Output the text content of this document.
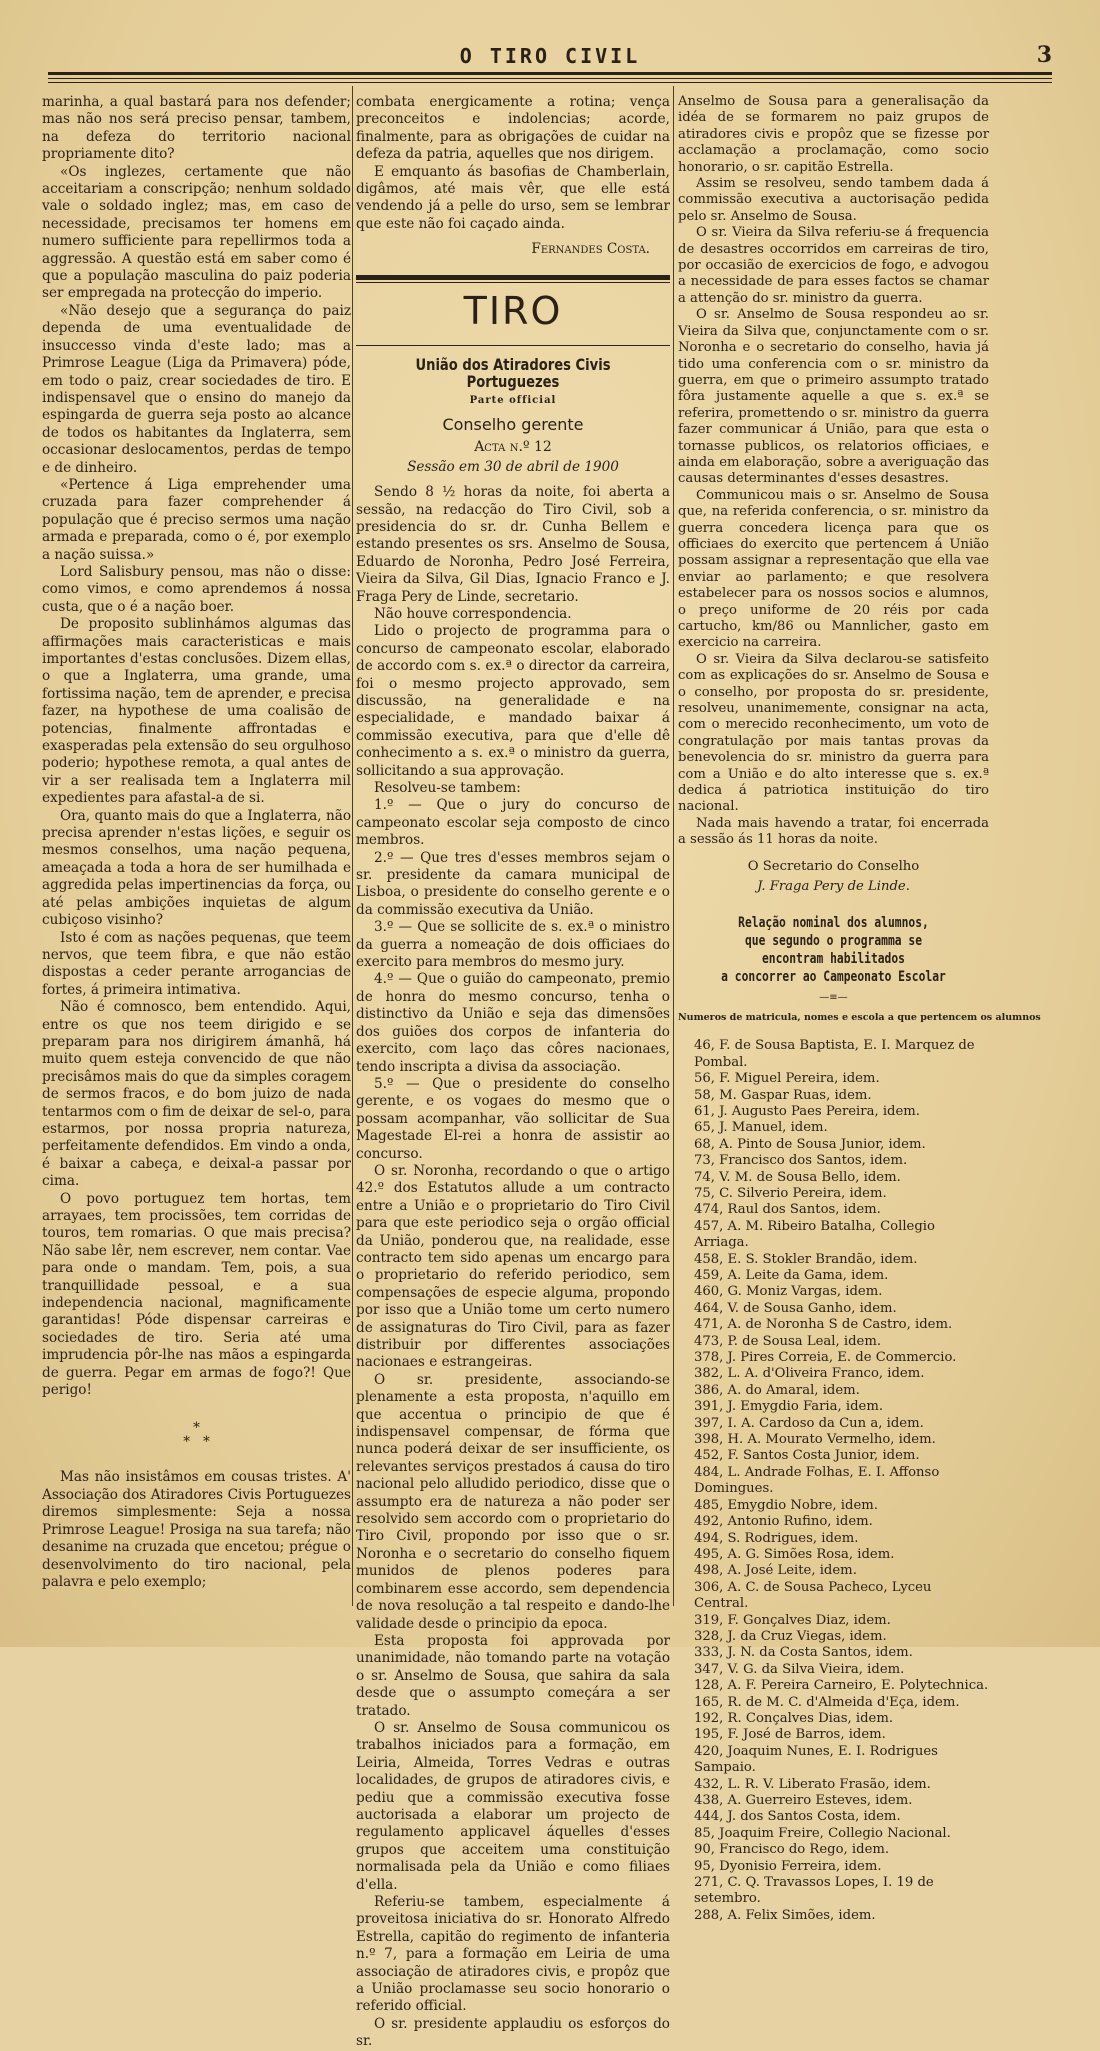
O TIRO CIVIL	3

marinha, a qual bastará para nos defender; mas não nos será preciso pensar, tambem, na defeza do territorio nacional propriamente dito?

«Os inglezes, certamente que não acceitariam a conscripção; nenhum soldado vale o soldado inglez; mas, em caso de necessidade, precisamos ter homens em numero sufficiente para repellirmos toda a aggressão. A questão está em saber como é que a população masculina do paiz poderia ser empregada na protecção do imperio.

«Não desejo que a segurança do paiz dependa de uma eventualidade de insuccesso vinda d'este lado; mas a Primrose League (Liga da Primavera) póde, em todo o paiz, crear sociedades de tiro. E indispensavel que o ensino do manejo da espingarda de guerra seja posto ao alcance de todos os habitantes da Inglaterra, sem occasionar deslocamentos, perdas de tempo e de dinheiro.

«Pertence á Liga emprehender uma cruzada para fazer comprehender á população que é preciso sermos uma nação armada e preparada, como o é, por exemplo a nação suissa.»

Lord Salisbury pensou, mas não o disse: como vimos, e como aprendemos á nossa custa, que o é a nação boer.

De proposito sublinhámos algumas das affirmações mais caracteristicas e mais importantes d'estas conclusões. Dizem ellas, o que a Inglaterra, uma grande, uma fortissima nação, tem de aprender, e precisa fazer, na hypothese de uma coalisão de potencias, finalmente affrontadas e exasperadas pela extensão do seu orgulhoso poderio; hypothese remota, a qual antes de vir a ser realisada tem a Inglaterra mil expedientes para afastal-a de si.

Ora, quanto mais do que a Inglaterra, não precisa aprender n'estas lições, e seguir os mesmos conselhos, uma nação pequena, ameaçada a toda a hora de ser humilhada e aggredida pelas impertinencias da força, ou até pelas ambições inquietas de algum cubiçoso visinho?

Isto é com as nações pequenas, que teem nervos, que teem fibra, e que não estão dispostas a ceder perante arrogancias de fortes, á primeira intimativa.

Não é comnosco, bem entendido. Aqui, entre os que nos teem dirigido e se preparam para nos dirigirem ámanhã, há muito quem esteja convencido de que não precisâmos mais do que da simples coragem de sermos fracos, e do bom juizo de nada tentarmos com o fim de deixar de sel-o, para estarmos, por nossa propria natureza, perfeitamente defendidos. Em vindo a onda, é baixar a cabeça, e deixal-a passar por cima.

O povo portuguez tem hortas, tem arrayaes, tem procissões, tem corridas de touros, tem romarias. O que mais precisa? Não sabe lêr, nem escrever, nem contar. Vae para onde o mandam. Tem, pois, a sua tranquillidade pessoal, e a sua independencia nacional, magnificamente garantidas! Póde dispensar carreiras e sociedades de tiro. Seria até uma imprudencia pôr-lhe nas mãos a espingarda de guerra. Pegar em armas de fogo?! Que perigo!

*
*   *

Mas não insistâmos em cousas tristes. A' Associação dos Atiradores Civis Portuguezes diremos simplesmente: Seja a nossa Primrose League! Prosiga na sua tarefa; não desanime na cruzada que encetou; prégue o desenvolvimento do tiro nacional, pela palavra e pelo exemplo;

combata energicamente a rotina; vença preconceitos e indolencias; acorde, finalmente, para as obrigações de cuidar na defeza da patria, aquelles que nos dirigem.

E emquanto ás basofias de Chamberlain, digâmos, até mais vêr, que elle está vendendo já a pelle do urso, sem se lembrar que este não foi caçado ainda.

Fernandes Costa.

TIRO
União dos Atiradores Civis Portuguezes
Parte official
Conselho gerente
Acta n.º 12
Sessão em 30 de abril de 1900

Sendo 8 ½ horas da noite, foi aberta a sessão, na redacção do Tiro Civil, sob a presidencia do sr. dr. Cunha Bellem e estando presentes os srs. Anselmo de Sousa, Eduardo de Noronha, Pedro José Ferreira, Vieira da Silva, Gil Dias, Ignacio Franco e J. Fraga Pery de Linde, secretario.

Não houve correspondencia.

Lido o projecto de programma para o concurso de campeonato escolar, elaborado de accordo com s. ex.ª o director da carreira, foi o mesmo projecto approvado, sem discussão, na generalidade e na especialidade, e mandado baixar á commissão executiva, para que d'elle dê conhecimento a s. ex.ª o ministro da guerra, sollicitando a sua approvação.

Resolveu-se tambem:

1.º — Que o jury do concurso de campeonato escolar seja composto de cinco membros.

2.º — Que tres d'esses membros sejam o sr. presidente da camara municipal de Lisboa, o presidente do conselho gerente e o da commissão executiva da União.

3.º — Que se sollicite de s. ex.ª o ministro da guerra a nomeação de dois officiaes do exercito para membros do mesmo jury.

4.º — Que o guião do campeonato, premio de honra do mesmo concurso, tenha o distinctivo da União e seja das dimensões dos guiões dos corpos de infanteria do exercito, com laço das côres nacionaes, tendo inscripta a divisa da associação.

5.º — Que o presidente do conselho gerente, e os vogaes do mesmo que o possam acompanhar, vão sollicitar de Sua Magestade El-rei a honra de assistir ao concurso.

O sr. Noronha, recordando o que o artigo 42.º dos Estatutos allude a um contracto entre a União e o proprietario do Tiro Civil para que este periodico seja o orgão official da União, ponderou que, na realidade, esse contracto tem sido apenas um encargo para o proprietario do referido periodico, sem compensações de especie alguma, propondo por isso que a União tome um certo numero de assignaturas do Tiro Civil, para as fazer distribuir por differentes associações nacionaes e estrangeiras.

O sr. presidente, associando-se plenamente a esta proposta, n'aquillo em que accentua o principio de que é indispensavel compensar, de fórma que nunca poderá deixar de ser insufficiente, os relevantes serviços prestados á causa do tiro nacional pelo alludido periodico, disse que o assumpto era de natureza a não poder ser resolvido sem accordo com o proprietario do Tiro Civil, propondo por isso que o sr. Noronha e o secretario do conselho fiquem munidos de plenos poderes para combinarem esse accordo, sem dependencia de nova resolução a tal respeito e dando-lhe validade desde o principio da epoca.

Esta proposta foi approvada por unanimidade, não tomando parte na votação o sr. Anselmo de Sousa, que sahira da sala desde que o assumpto começára a ser tratado.

O sr. Anselmo de Sousa communicou os trabalhos iniciados para a formação, em Leiria, Almeida, Torres Vedras e outras localidades, de grupos de atiradores civis, e pediu que a commissão executiva fosse auctorisada a elaborar um projecto de regulamento applicavel áquelles d'esses grupos que acceitem uma constituição normalisada pela da União e como filiaes d'ella.

Referiu-se tambem, especialmente á proveitosa iniciativa do sr. Honorato Alfredo Estrella, capitão do regimento de infanteria n.º 7, para a formação em Leiria de uma associação de atiradores civis, e propôz que a União proclamasse seu socio honorario o referido official.

O sr. presidente applaudiu os esforços do sr.

Anselmo de Sousa para a generalisação da idéa de se formarem no paiz grupos de atiradores civis e propôz que se fizesse por acclamação a proclamação, como socio honorario, o sr. capitão Estrella.

Assim se resolveu, sendo tambem dada á commissão executiva a auctorisação pedida pelo sr. Anselmo de Sousa.

O sr. Vieira da Silva referiu-se á frequencia de desastres occorridos em carreiras de tiro, por occasião de exercicios de fogo, e advogou a necessidade de para esses factos se chamar a attenção do sr. ministro da guerra.

O sr. Anselmo de Sousa respondeu ao sr. Vieira da Silva que, conjunctamente com o sr. Noronha e o secretario do conselho, havia já tido uma conferencia com o sr. ministro da guerra, em que o primeiro assumpto tratado fôra justamente aquelle a que s. ex.ª se referira, promettendo o sr. ministro da guerra fazer communicar á União, para que esta o tornasse publicos, os relatorios officiaes, e ainda em elaboração, sobre a averiguação das causas determinantes d'esses desastres.

Communicou mais o sr. Anselmo de Sousa que, na referida conferencia, o sr. ministro da guerra concedera licença para que os officiaes do exercito que pertencem á União possam assignar a representação que ella vae enviar ao parlamento; e que resolvera estabelecer para os nossos socios e alumnos, o preço uniforme de 20 réis por cada cartucho, km/86 ou Mannlicher, gasto em exercicio na carreira.

O sr. Vieira da Silva declarou-se satisfeito com as explicações do sr. Anselmo de Sousa e o conselho, por proposta do sr. presidente, resolveu, unanimemente, consignar na acta, com o merecido reconhecimento, um voto de congratulação por mais tantas provas da benevolencia do sr. ministro da guerra para com a União e do alto interesse que s. ex.ª dedica á patriotica instituição do tiro nacional.

Nada mais havendo a tratar, foi encerrada a sessão ás 11 horas da noite.

O Secretario do Conselho

J. Fraga Pery de Linde.

Relação nominal dos alumnos,
que segundo o programma se encontram habilitados
a concorrer ao Campeonato Escolar
—≡—
Numeros de matricula, nomes e escola a que pertencem os alumnos

46, F. de Sousa Baptista, E. I. Marquez de Pombal.

56, F. Miguel Pereira, idem.

58, M. Gaspar Ruas, idem.

61, J. Augusto Paes Pereira, idem.

65, J. Manuel, idem.

68, A. Pinto de Sousa Junior, idem.

73, Francisco dos Santos, idem.

74, V. M. de Sousa Bello, idem.

75, C. Silverio Pereira, idem.

474, Raul dos Santos, idem.

457, A. M. Ribeiro Batalha, Collegio Arriaga.

458, E. S. Stokler Brandão, idem.

459, A. Leite da Gama, idem.

460, G. Moniz Vargas, idem.

464, V. de Sousa Ganho, idem.

471, A. de Noronha S de Castro, idem.

473, P. de Sousa Leal, idem.

378, J. Pires Correia, E. de Commercio.

382, L. A. d'Oliveira Franco, idem.

386, A. do Amaral, idem.

391, J. Emygdio Faria, idem.

397, I. A. Cardoso da Cun a, idem.

398, H. A. Mourato Vermelho, idem.

452, F. Santos Costa Junior, idem.

484, L. Andrade Folhas, E. I. Affonso Domingues.

485, Emygdio Nobre, idem.

492, Antonio Rufino, idem.

494, S. Rodrigues, idem.

495, A. G. Simões Rosa, idem.

498, A. José Leite, idem.

306, A. C. de Sousa Pacheco, Lyceu Central.

319, F. Gonçalves Diaz, idem.

328, J. da Cruz Viegas, idem.

333, J. N. da Costa Santos, idem.

347, V. G. da Silva Vieira, idem.

128, A. F. Pereira Carneiro, E. Polytechnica.

165, R. de M. C. d'Almeida d'Eça, idem.

192, R. Conçalves Dias, idem.

195, F. José de Barros, idem.

420, Joaquim Nunes, E. I. Rodrigues Sampaio.

432, L. R. V. Liberato Frasão, idem.

438, A. Guerreiro Esteves, idem.

444, J. dos Santos Costa, idem.

85, Joaquim Freire, Collegio Nacional.

90, Francisco do Rego, idem.

95, Dyonisio Ferreira, idem.

271, C. Q. Travassos Lopes, I. 19 de setembro.

288, A. Felix Simões, idem.
